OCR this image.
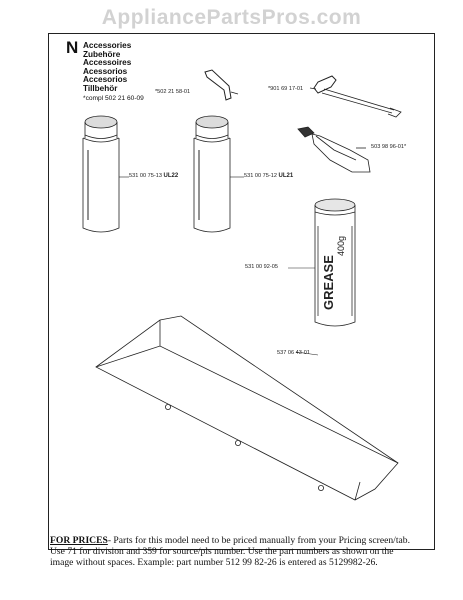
AppliancePartsPros.com
N Accessories
Zubehöre
Accessoires
Acessorios
Accesorios
Tillbehör
*compl 502 21 60-09
GREASE
400g
*502 21 58-01	*901 69 17-01
503 98 96-01*
531 00 75-13 UL22	531 00 75-12 UL21
531 00 92-05
537 06 43-01
FOR PRICES- Parts for this model need to be priced manually from your Pricing screen/tab.
Use 71 for division and 359 for source/pls number. Use the part numbers as shown on the
image without spaces. Example: part number 512 99 82-26 is entered as 5129982-26.
